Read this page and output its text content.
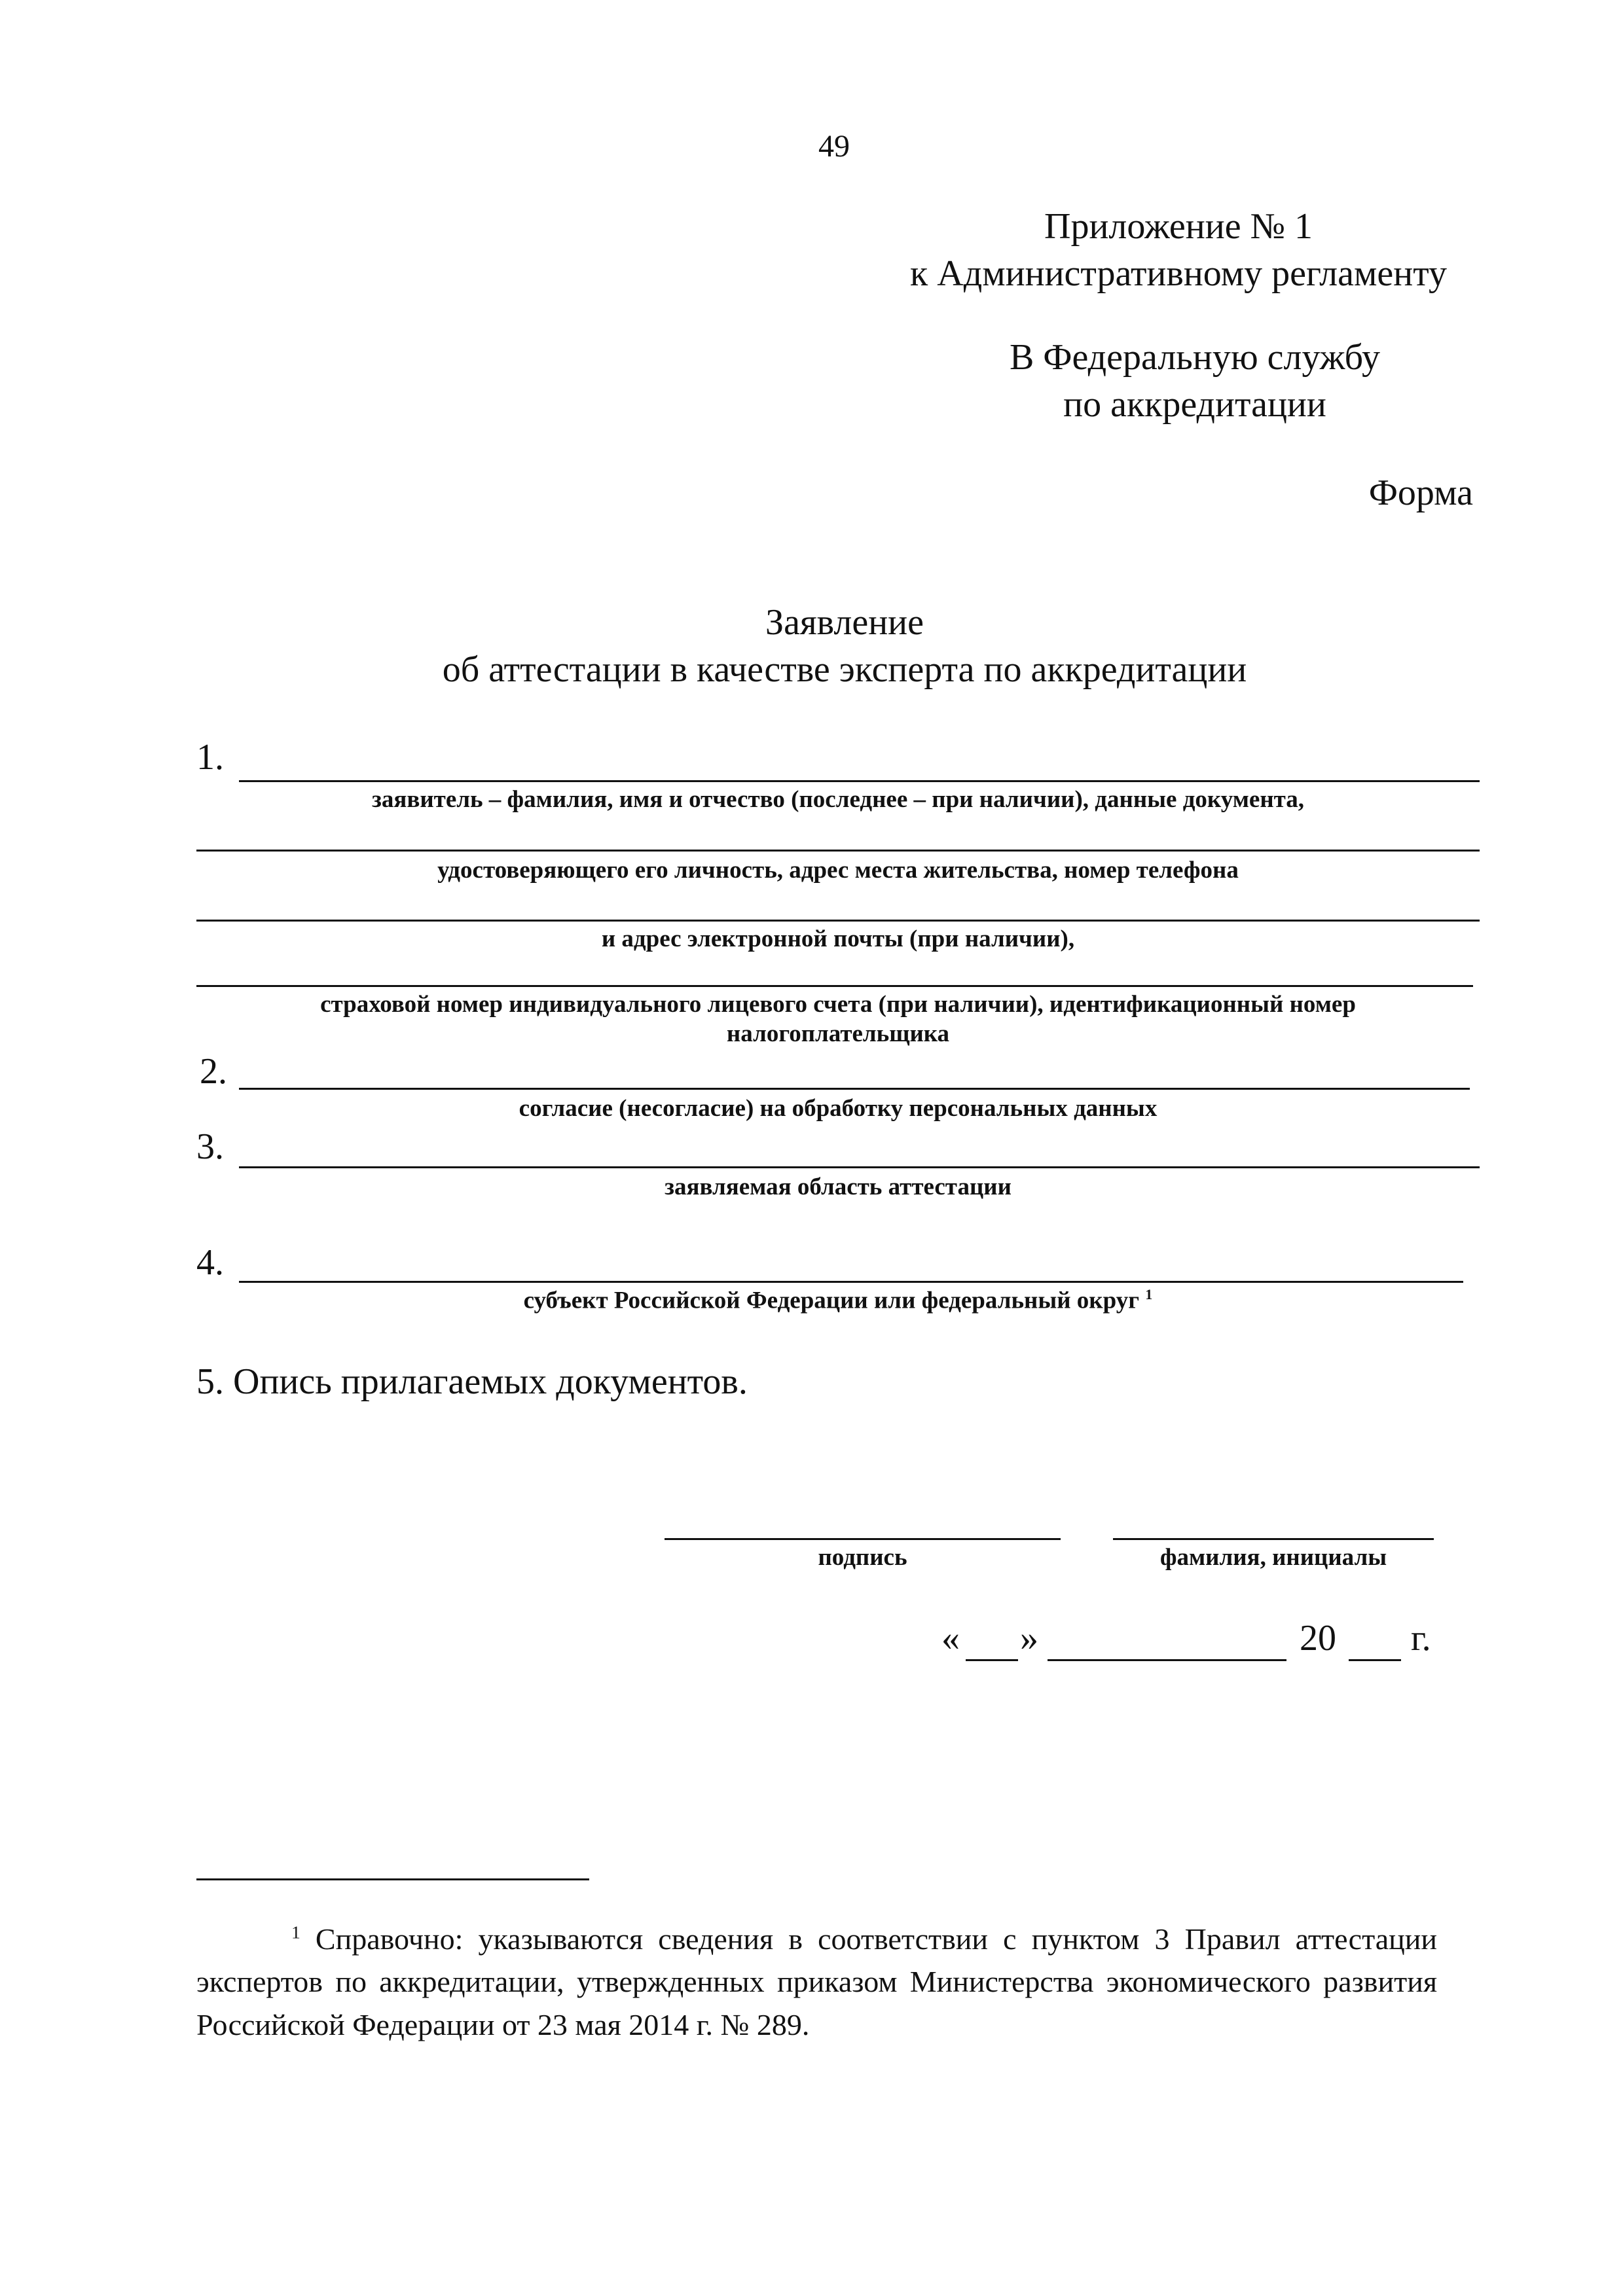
49
Приложение № 1
к Административному регламенту
В Федеральную службу
по аккредитации
Форма
Заявление
об аттестации в качестве эксперта по аккредитации
1.
заявитель – фамилия, имя и отчество (последнее – при наличии), данные документа,
удостоверяющего его личность, адрес места жительства, номер телефона
и адрес электронной почты (при наличии),
страховой номер индивидуального лицевого счета (при наличии), идентификационный номер
налогоплательщика
2.
согласие (несогласие) на обработку персональных данных
3.
заявляемая область аттестации
4.
субъект Российской Федерации или федеральный округ $^1$
5. Опись прилагаемых документов.
подпись	фамилия, инициалы
« »	20 г.
$^1$ Справочно: указываются сведения в соответствии с пунктом 3 Правил аттестации экспертов по аккредитации, утвержденных приказом Министерства экономического развития Российской Федерации от 23 мая 2014 г. № 289.
